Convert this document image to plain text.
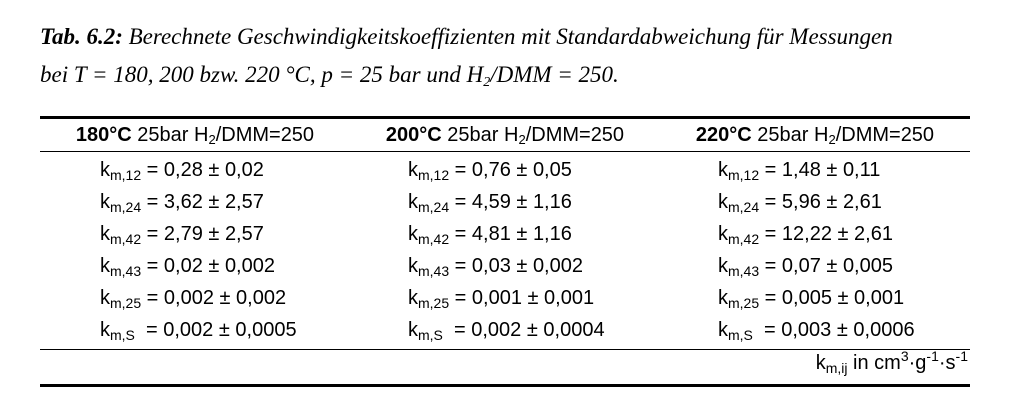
Tab. 6.2: Berechnete Geschwindigkeitskoeffizienten mit Standardabweichung für Messungen
bei T = 180, 200 bzw. 220 °C, p = 25 bar und $H_2$/DMM = 250.
180°C 25bar $H_2/DMM=250$	200°C 25bar $H_2/DMM=250$	220°C 25bar $H_2/DMM=250$
$k_{m,12} = 0,28 \pm 0,02$	$k_{m,12} = 0,76 \pm 0,05$	$k_{m,12} = 1,48 \pm 0,11$
$k_{m,24} = 3,62 \pm 2,57$	$k_{m,24} = 4,59 \pm 1,16$	$k_{m,24} = 5,96 \pm 2,61$
$k_{m,42} = 2,79 \pm 2,57$	$k_{m,42} = 4,81 \pm 1,16$	$k_{m,42} = 12,22 \pm 2,61$
$k_{m,43} = 0,02 \pm 0,002$	$k_{m,43} = 0,03 \pm 0,002$	$k_{m,43} = 0,07 \pm 0,005$
$k_{m,25} = 0,002 \pm 0,002$	$k_{m,25} = 0,001 \pm 0,001$	$k_{m,25} = 0,005 \pm 0,001$
$k_{m,S} = 0,002 \pm 0,0005$	$k_{m,S} = 0,002 \pm 0,0004$	$k_{m,S} = 0,003 \pm 0,0006$
$k_{m,ij}$ in $cm^3\cdot g^{-1}\cdot s^{-1}$
